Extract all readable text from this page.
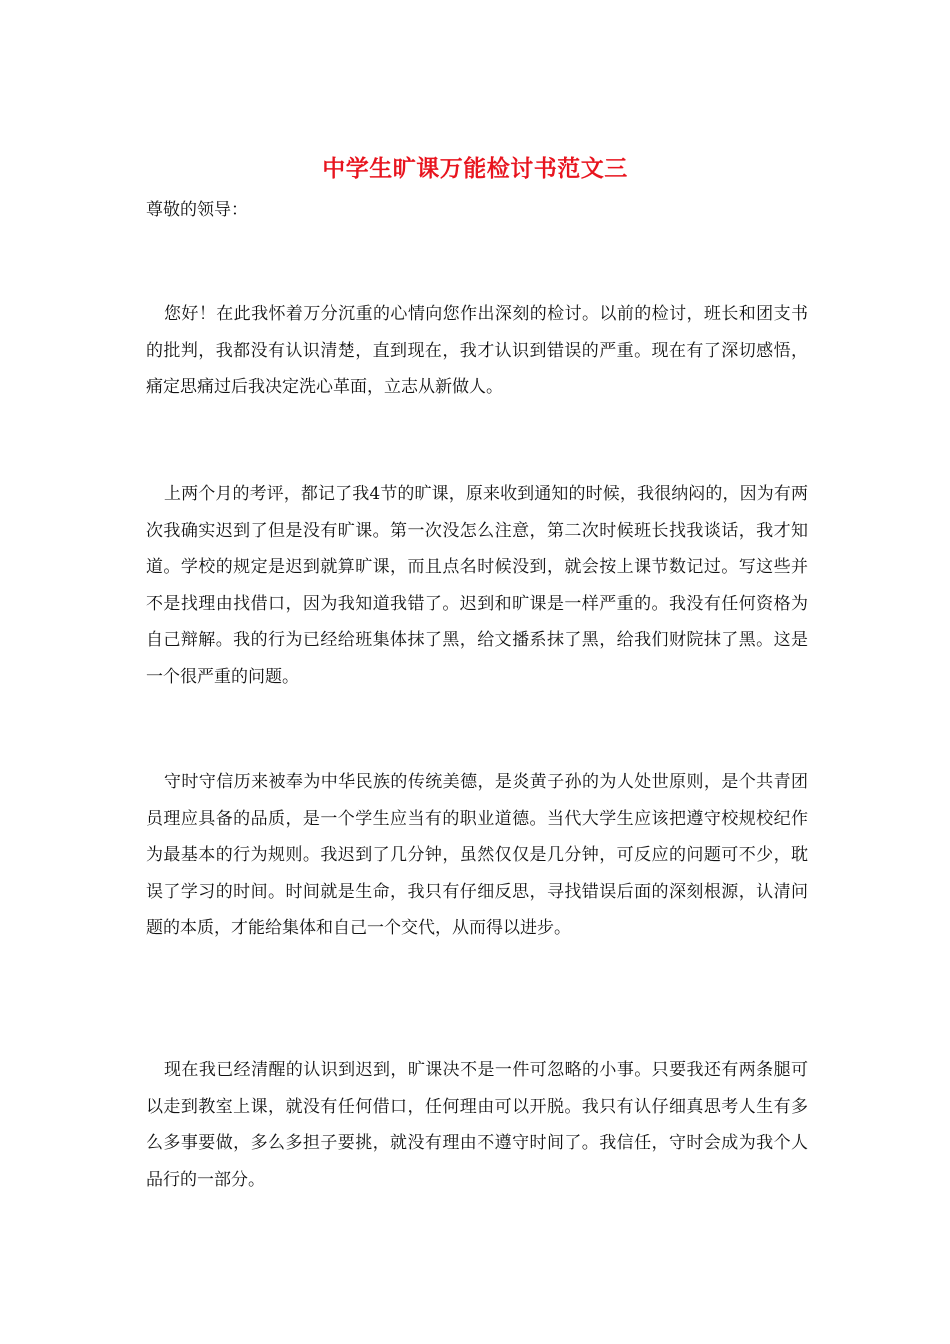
中学生旷课万能检讨书范文三
尊敬的领导：

您好！在此我怀着万分沉重的心情向您作出深刻的检讨。以前的检讨，班长和团支书的批判，我都没有认识清楚，直到现在，我才认识到错误的严重。现在有了深切感悟，痛定思痛过后我决定洗心革面，立志从新做人。

上两个月的考评，都记了我4节的旷课，原来收到通知的时候，我很纳闷的，因为有两次我确实迟到了但是没有旷课。第一次没怎么注意，第二次时候班长找我谈话，我才知道。学校的规定是迟到就算旷课，而且点名时候没到，就会按上课节数记过。写这些并不是找理由找借口，因为我知道我错了。迟到和旷课是一样严重的。我没有任何资格为自己辩解。我的行为已经给班集体抹了黑，给文播系抹了黑，给我们财院抹了黑。这是一个很严重的问题。

守时守信历来被奉为中华民族的传统美德，是炎黄子孙的为人处世原则，是个共青团员理应具备的品质，是一个学生应当有的职业道德。当代大学生应该把遵守校规校纪作为最基本的行为规则。我迟到了几分钟，虽然仅仅是几分钟，可反应的问题可不少，耽误了学习的时间。时间就是生命，我只有仔细反思，寻找错误后面的深刻根源，认清问题的本质，才能给集体和自己一个交代，从而得以进步。

现在我已经清醒的认识到迟到，旷课决不是一件可忽略的小事。只要我还有两条腿可以走到教室上课，就没有任何借口，任何理由可以开脱。我只有认仔细真思考人生有多么多事要做，多么多担子要挑，就没有理由不遵守时间了。我信任，守时会成为我个人品行的一部分。
